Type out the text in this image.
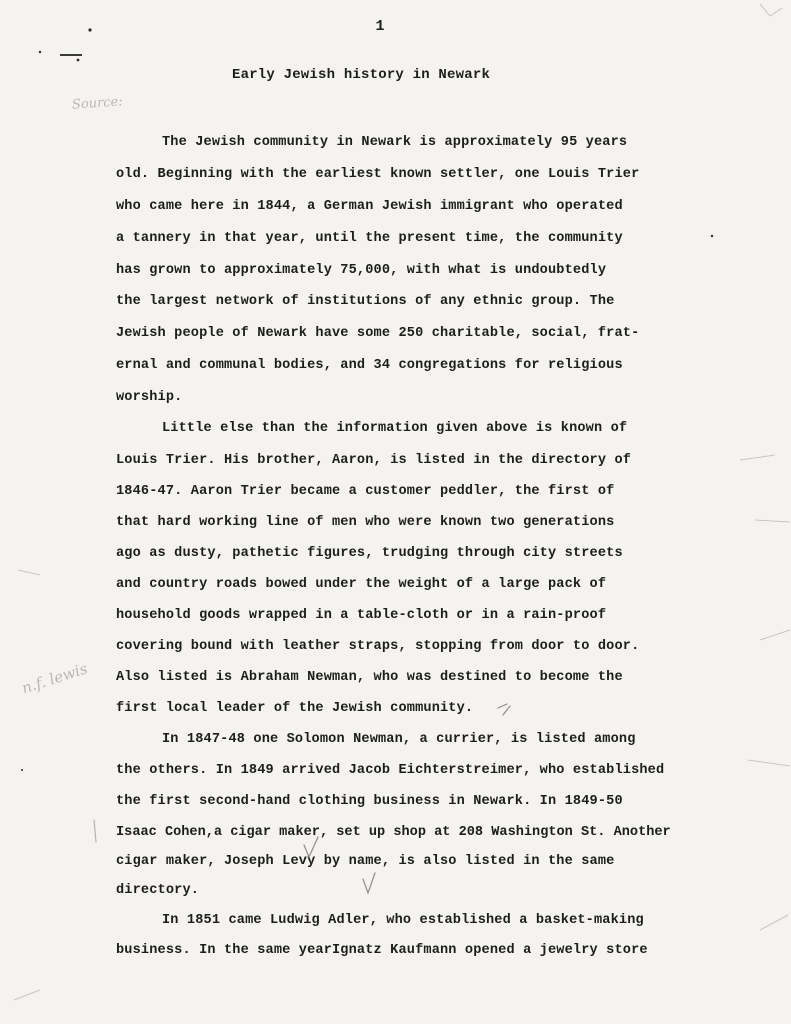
1
Early Jewish history in Newark
Source:
n.f. lewis
The Jewish community in Newark is approximately 95 years
old. Beginning with the earliest known settler, one Louis Trier
who came here in 1844, a German Jewish immigrant who operated
a tannery in that year, until the present time, the community
has grown to approximately 75,000, with what is undoubtedly
the largest network of institutions of any ethnic group. The
Jewish people of Newark have some 250 charitable, social, frat-
ernal and communal bodies, and 34 congregations for religious
worship.
Little else than the information given above is known of
Louis Trier. His brother, Aaron, is listed in the directory of
1846-47. Aaron Trier became a customer peddler, the first of
that hard working line of men who were known two generations
ago as dusty, pathetic figures, trudging through city streets
and country roads bowed under the weight of a large pack of
household goods wrapped in a table-cloth or in a rain-proof
covering bound with leather straps, stopping from door to door.
Also listed is Abraham Newman, who was destined to become the
first local leader of the Jewish community.
In 1847-48 one Solomon Newman, a currier, is listed among
the others. In 1849 arrived Jacob Eichterstreimer, who established
the first second-hand clothing business in Newark. In 1849-50
Isaac Cohen,a cigar maker, set up shop at 208 Washington St. Another
cigar maker, Joseph Levy by name, is also listed in the same
directory.
In 1851 came Ludwig Adler, who established a basket-making
business. In the same yearIgnatz Kaufmann opened a jewelry store
